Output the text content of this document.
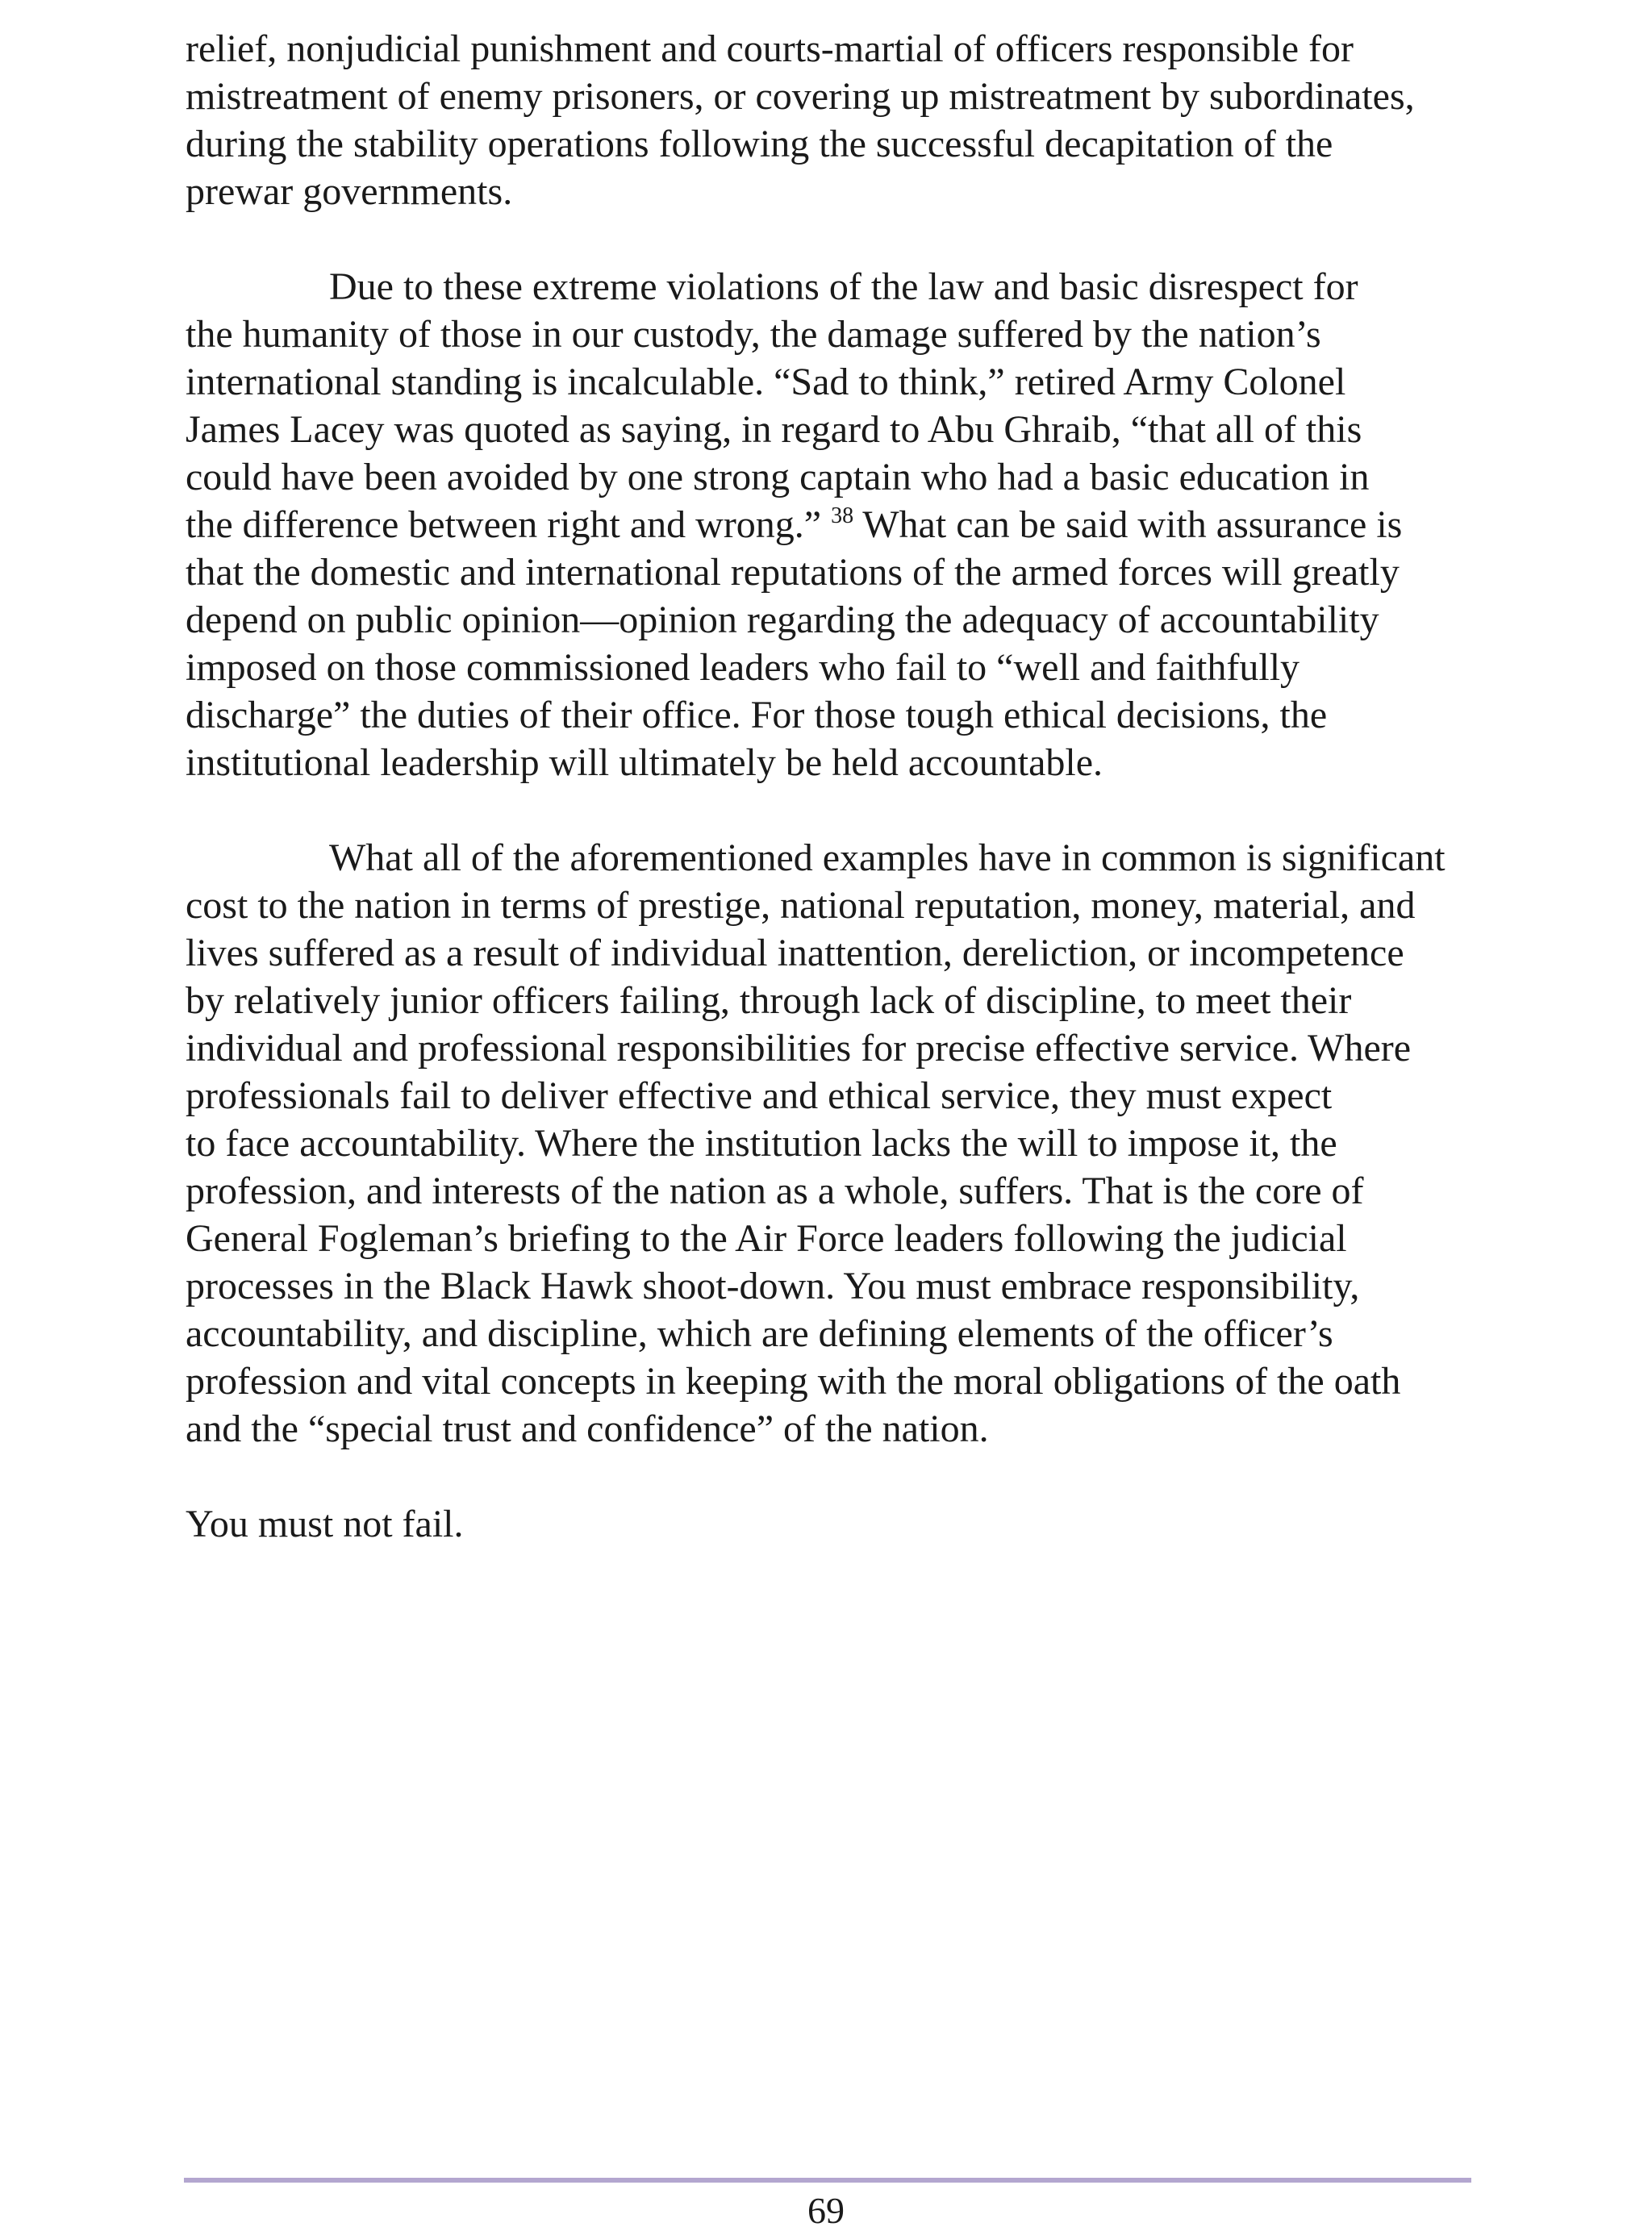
relief, nonjudicial punishment and courts-martial of officers responsible for

mistreatment of enemy prisoners, or covering up mistreatment by subordinates,

during the stability operations following the successful decapitation of the

prewar governments.

Due to these extreme violations of the law and basic disrespect for

the humanity of those in our custody, the damage suffered by the nation’s

international standing is incalculable. “Sad to think,” retired Army Colonel

James Lacey was quoted as saying, in regard to Abu Ghraib, “that all of this

could have been avoided by one strong captain who had a basic education in

the difference between right and wrong.” $^{38}$ What can be said with assurance is

that the domestic and international reputations of the armed forces will greatly

depend on public opinion—opinion regarding the adequacy of accountability

imposed on those commissioned leaders who fail to “well and faithfully

discharge” the duties of their office. For those tough ethical decisions, the

institutional leadership will ultimately be held accountable.

What all of the aforementioned examples have in common is significant

cost to the nation in terms of prestige, national reputation, money, material, and

lives suffered as a result of individual inattention, dereliction, or incompetence

by relatively junior officers failing, through lack of discipline, to meet their

individual and professional responsibilities for precise effective service. Where

professionals fail to deliver effective and ethical service, they must expect

to face accountability. Where the institution lacks the will to impose it, the

profession, and interests of the nation as a whole, suffers. That is the core of

General Fogleman’s briefing to the Air Force leaders following the judicial

processes in the Black Hawk shoot-down. You must embrace responsibility,

accountability, and discipline, which are defining elements of the officer’s

profession and vital concepts in keeping with the moral obligations of the oath

and the “special trust and confidence” of the nation.

You must not fail.

69
